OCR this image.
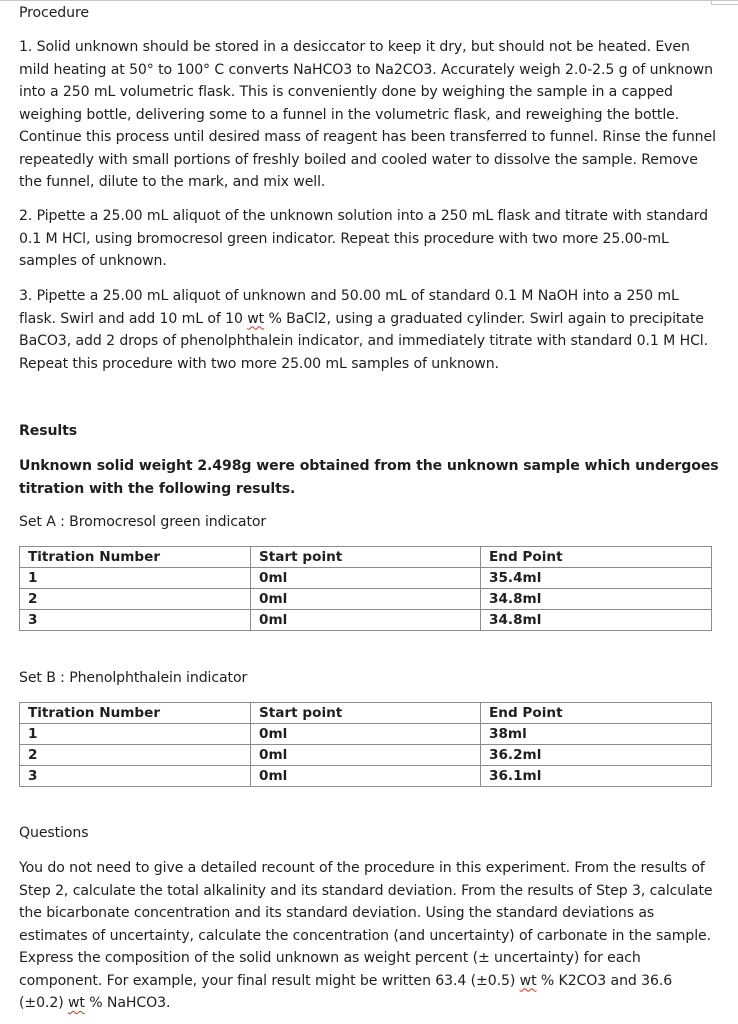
Procedure
1. Solid unknown should be stored in a desiccator to keep it dry, but should not be heated. Even mild heating at 50° to 100° C converts NaHCO3 to Na2CO3. Accurately weigh 2.0-2.5 g of unknown into a 250 mL volumetric flask. This is conveniently done by weighing the sample in a capped weighing bottle, delivering some to a funnel in the volumetric flask, and reweighing the bottle. Continue this process until desired mass of reagent has been transferred to funnel. Rinse the funnel repeatedly with small portions of freshly boiled and cooled water to dissolve the sample. Remove the funnel, dilute to the mark, and mix well.
2. Pipette a 25.00 mL aliquot of the unknown solution into a 250 mL flask and titrate with standard 0.1 M HCl, using bromocresol green indicator. Repeat this procedure with two more 25.00-mL samples of unknown.
3. Pipette a 25.00 mL aliquot of unknown and 50.00 mL of standard 0.1 M NaOH into a 250 mL flask. Swirl and add 10 mL of 10 wt % BaCl2, using a graduated cylinder. Swirl again to precipitate BaCO3, add 2 drops of phenolphthalein indicator, and immediately titrate with standard 0.1 M HCl. Repeat this procedure with two more 25.00 mL samples of unknown.
Results
Unknown solid weight 2.498g were obtained from the unknown sample which undergoes titration with the following results.
Set A : Bromocresol green indicator
Titration Number	Start point	End Point
1	0ml	35.4ml
2	0ml	34.8ml
3	0ml	34.8ml
Set B : Phenolphthalein indicator
Titration Number	Start point	End Point
1	0ml	38ml
2	0ml	36.2ml
3	0ml	36.1ml
Questions
You do not need to give a detailed recount of the procedure in this experiment. From the results of Step 2, calculate the total alkalinity and its standard deviation. From the results of Step 3, calculate the bicarbonate concentration and its standard deviation. Using the standard deviations as estimates of uncertainty, calculate the concentration (and uncertainty) of carbonate in the sample. Express the composition of the solid unknown as weight percent (± uncertainty) for each component. For example, your final result might be written 63.4 (±0.5) wt % K2CO3 and 36.6 (±0.2) wt % NaHCO3.
